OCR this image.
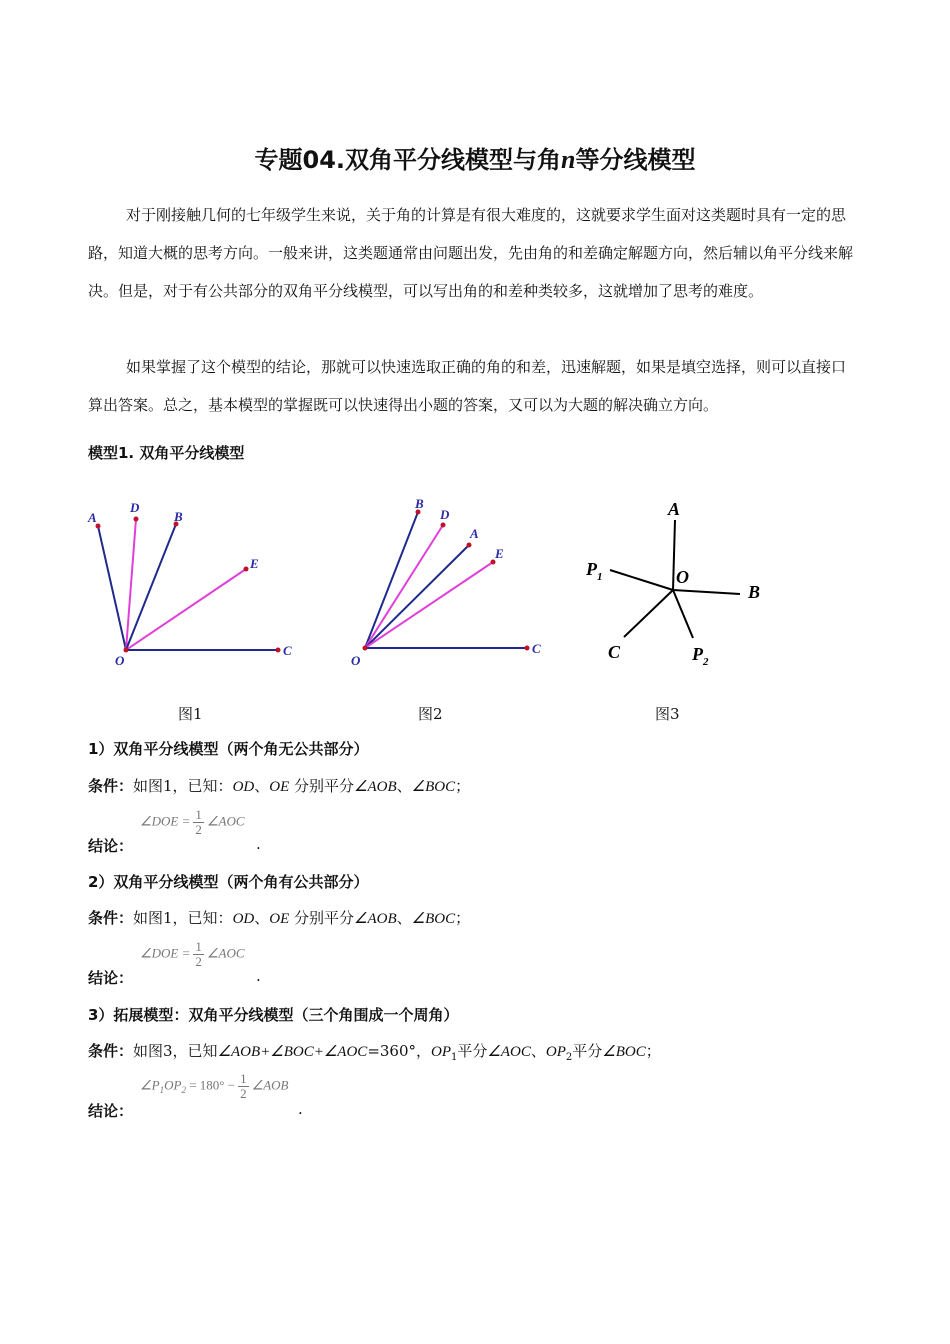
专题04.双角平分线模型与角n等分线模型
对于刚接触几何的七年级学生来说，关于角的计算是有很大难度的，这就要求学生面对这类题时具有一定的思路，知道大概的思考方向。一般来讲，这类题通常由问题出发，先由角的和差确定解题方向，然后辅以角平分线来解决。但是，对于有公共部分的双角平分线模型，可以写出角的和差种类较多，这就增加了思考的难度。
如果掌握了这个模型的结论，那就可以快速选取正确的角的和差，迅速解题，如果是填空选择，则可以直接口算出答案。总之，基本模型的掌握既可以快速得出小题的答案，又可以为大题的解决确立方向。
模型1. 双角平分线模型
A
D
B
E
O
C
B
D
A
E
O
C
A
$P_1$	O
B
C	$P_2$
图1	图2	图3
1）双角平分线模型（两个角无公共部分）
条件：如图1，已知：OD、OE 分别平分∠AOB、∠BOC；
结论：
∠DOE = $\frac{1}{2}$ ∠AOC
.
2）双角平分线模型（两个角有公共部分）
条件：如图1，已知：OD、OE 分别平分∠AOB、∠BOC；
结论：
∠DOE = $\frac{1}{2}$ ∠AOC
.
3）拓展模型：双角平分线模型（三个角围成一个周角）
条件：如图3，已知∠AOB+∠BOC+∠AOC=360°，$OP_1$平分∠AOC、$OP_2$平分∠BOC；
结论：
$\angle P_1OP_2 = 180^\circ - \frac{1}{2}$ ∠AOB
.
